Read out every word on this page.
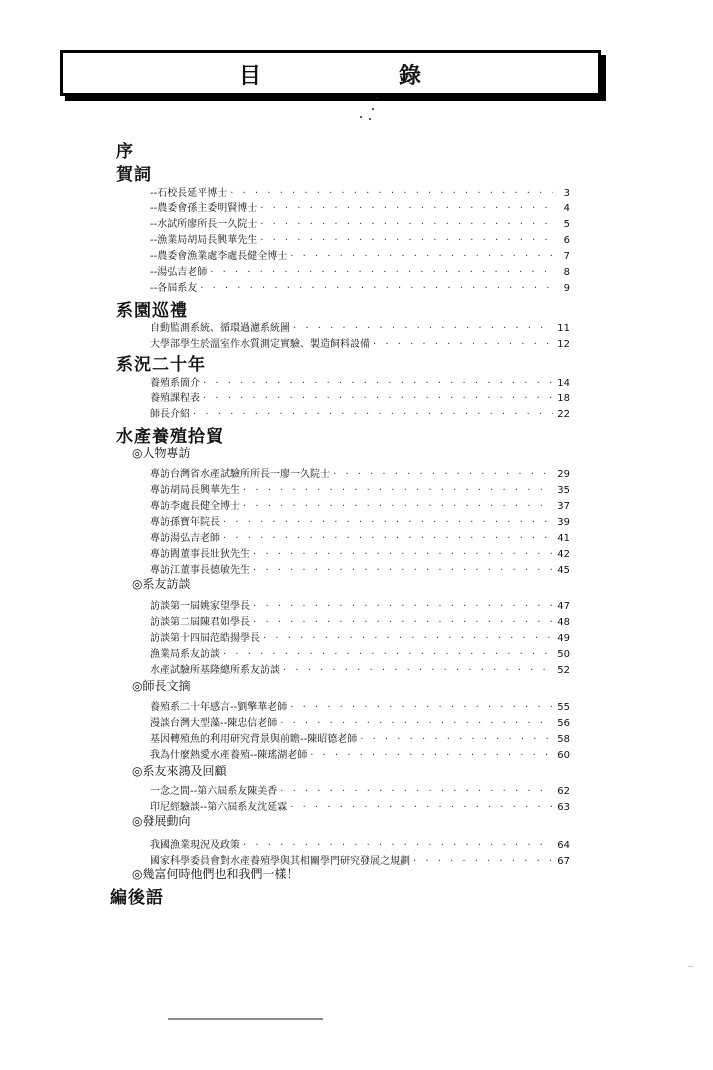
目	錄
序
賀詞
--石校長延平博士 · · ·	3
--農委會孫主委明賢博士 · · ·	4
--水試所廖所長一久院士 · · ·	5
--漁業局胡局長興華先生 · · ·	6
--農委會漁業處李處長健全博士 · · ·	7
--湯弘吉老師 · · ·	8
--各屆系友 · · ·	9
系園巡禮
自動監測系統、循環過濾系統圖 · · ·	11
大學部學生於溫室作水質測定實驗、製造飼料設備 · · ·	12
系況二十年
養殖系簡介 · · ·	14
養殖課程表 · · ·	18
師長介紹 · · ·	22
水產養殖拾貿
◎人物專訪
專訪台灣省水產試驗所所長一廖一久院士 · · ·	29
專訪胡局長興華先生 · · ·	35
專訪李處長健全博士 · · ·	37
專訪孫寶年院長 · · ·	39
專訪湯弘吉老師 · · ·	41
專訪閻董事長壯狄先生 · · ·	42
專訪江董事長德敏先生 · · ·	45
◎系友訪談
訪談第一屆姚家望學長 · · ·	47
訪談第二屆陳君如學長 · · ·	48
訪談第十四屆范皓揚學長 · · ·	49
漁業局系友訪談 · · ·	50
水產試驗所基隆總所系友訪談 · · ·	52
◎師長文摘
養殖系二十年感言--劉擎華老師 · · ·	55
漫談台灣大型藻--陳忠信老師 · · ·	56
基因轉殖魚的利用研究背景與前瞻--陳昭德老師 · · ·	58
我為什麼熱愛水產養殖--陳瑤湖老師 · · ·	60
◎系友來鴻及回顧
一念之間--第六屆系友陳美香 · · ·	62
印尼經驗談--第六屆系友沈延霖 · · ·	63
◎發展動向
我國漁業現況及政策 · · ·	64
國家科學委員會對水產養殖學與其相關學門研究發展之規劃 · · ·	67
◎幾富何時他們也和我們一樣！
編後語
